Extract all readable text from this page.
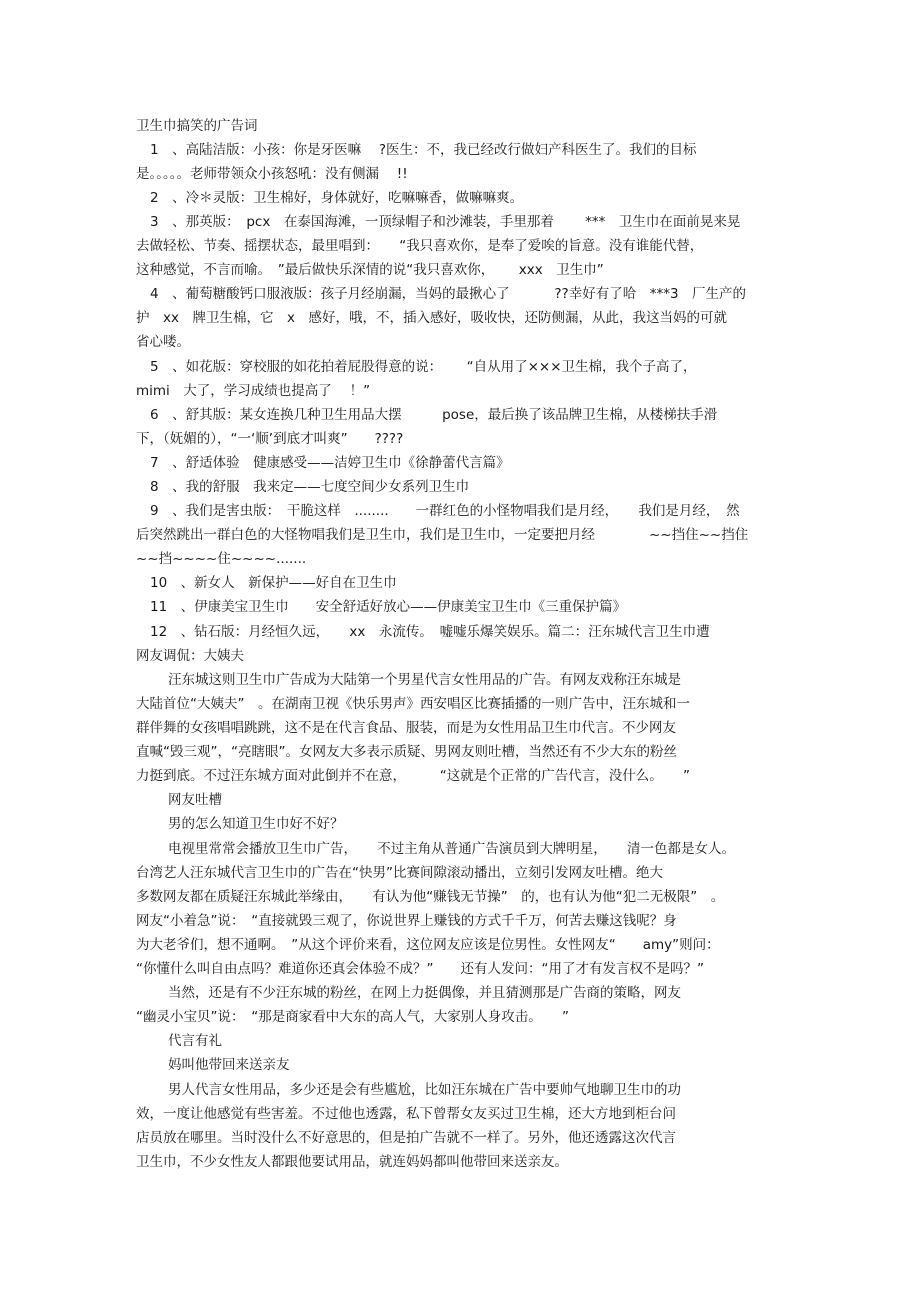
卫生巾搞笑的广告词
1　、高陆洁版：小孩：你是牙医嘛　 ?医生：不，我已经改行做妇产科医生了。我们的目标
是。。。。。老师带领众小孩怒吼：没有侧漏　 !!
2　、冷＊灵版：卫生棉好，身体就好，吃嘛嘛香，做嘛嘛爽。
3　、那英版：　pcx　在泰国海滩，一顶绿帽子和沙滩装，手里那着　　 ***　卫生巾在面前晃来晃
去做轻松、节奏、摇摆状态，最里唱到：　　“我只喜欢你，是奉了爱唉的旨意。没有谁能代替，
这种感觉，不言而喻。　”最后做快乐深情的说“我只喜欢你，　　 xxx　卫生巾”
4　、葡萄糖酸钙口服液版：孩子月经崩漏，当妈的最揪心了　　　 ??幸好有了哈　***3　厂生产的
护　xx　牌卫生棉，它　x　感好，哦，不，插入感好，吸收快，还防侧漏，从此，我这当妈的可就
省心喽。
5　、如花版：穿校服的如花拍着屁股得意的说：　　 “自从用了×××卫生棉，我个子高了，
mimi　大了，学习成绩也提高了　 ！”
6　、舒其版：某女连换几种卫生用品大摆　　　pose，最后换了该品牌卫生棉，从楼梯扶手滑
下，（妩媚的），“一‘顺’到底才叫爽”　　????
7　、舒适体验　健康感受——洁婷卫生巾《徐静蕾代言篇》
8　、我的舒服　我来定——七度空间少女系列卫生巾
9　、我们是害虫版：　干脆这样　........　　一群红色的小怪物唱我们是月经，　　我们是月经，　然
后突然跳出一群白色的大怪物唱我们是卫生巾，我们是卫生巾，一定要把月经　　　　~~挡住~~挡住
~~挡~~~~住~~~~.......
10　、新女人　新保护——好自在卫生巾
11　、伊康美宝卫生巾　　安全舒适好放心——伊康美宝卫生巾《三重保护篇》
12　、钻石版：月经恒久远，　　xx　永流传。　嘘嘘乐爆笑娱乐。篇二：汪东城代言卫生巾遭
网友调侃：大姨夫
汪东城这则卫生巾广告成为大陆第一个男星代言女性用品的广告。有网友戏称汪东城是
大陆首位“大姨夫”　。在湖南卫视《快乐男声》西安唱区比赛插播的一则广告中，汪东城和一
群伴舞的女孩唱唱跳跳，这不是在代言食品、服装，而是为女性用品卫生巾代言。不少网友
直喊“毁三观”，“亮瞎眼”。女网友大多表示质疑、男网友则吐槽，当然还有不少大东的粉丝
力挺到底。不过汪东城方面对此倒并不在意，　　　“这就是个正常的广告代言，没什么。　　”
网友吐槽
男的怎么知道卫生巾好不好？
电视里常常会播放卫生巾广告，　　不过主角从普通广告演员到大牌明星，　　清一色都是女人。
台湾艺人汪东城代言卫生巾的广告在“快男”比赛间隙滚动播出，立刻引发网友吐槽。绝大
多数网友都在质疑汪东城此举缘由，　　有认为他“赚钱无节操”　的，也有认为他“犯二无极限”　。
网友“小着急”说：　“直接就毁三观了，你说世界上赚钱的方式千千万，何苦去赚这钱呢？身
为大老爷们，想不通啊。　”从这个评价来看，这位网友应该是位男性。女性网友“　　amy”则问：
“你懂什么叫自由点吗？难道你还真会体验不成？”　　还有人发问：“用了才有发言权不是吗？”
当然，还是有不少汪东城的粉丝，在网上力挺偶像，并且猜测那是广告商的策略，网友
“幽灵小宝贝”说：　“那是商家看中大东的高人气，大家别人身攻击。　　”
代言有礼
妈叫他带回来送亲友
男人代言女性用品，多少还是会有些尴尬，比如汪东城在广告中要帅气地聊卫生巾的功
效，一度让他感觉有些害羞。不过他也透露，私下曾帮女友买过卫生棉，还大方地到柜台问
店员放在哪里。当时没什么不好意思的，但是拍广告就不一样了。另外，他还透露这次代言
卫生巾，不少女性友人都跟他要试用品，就连妈妈都叫他带回来送亲友。
